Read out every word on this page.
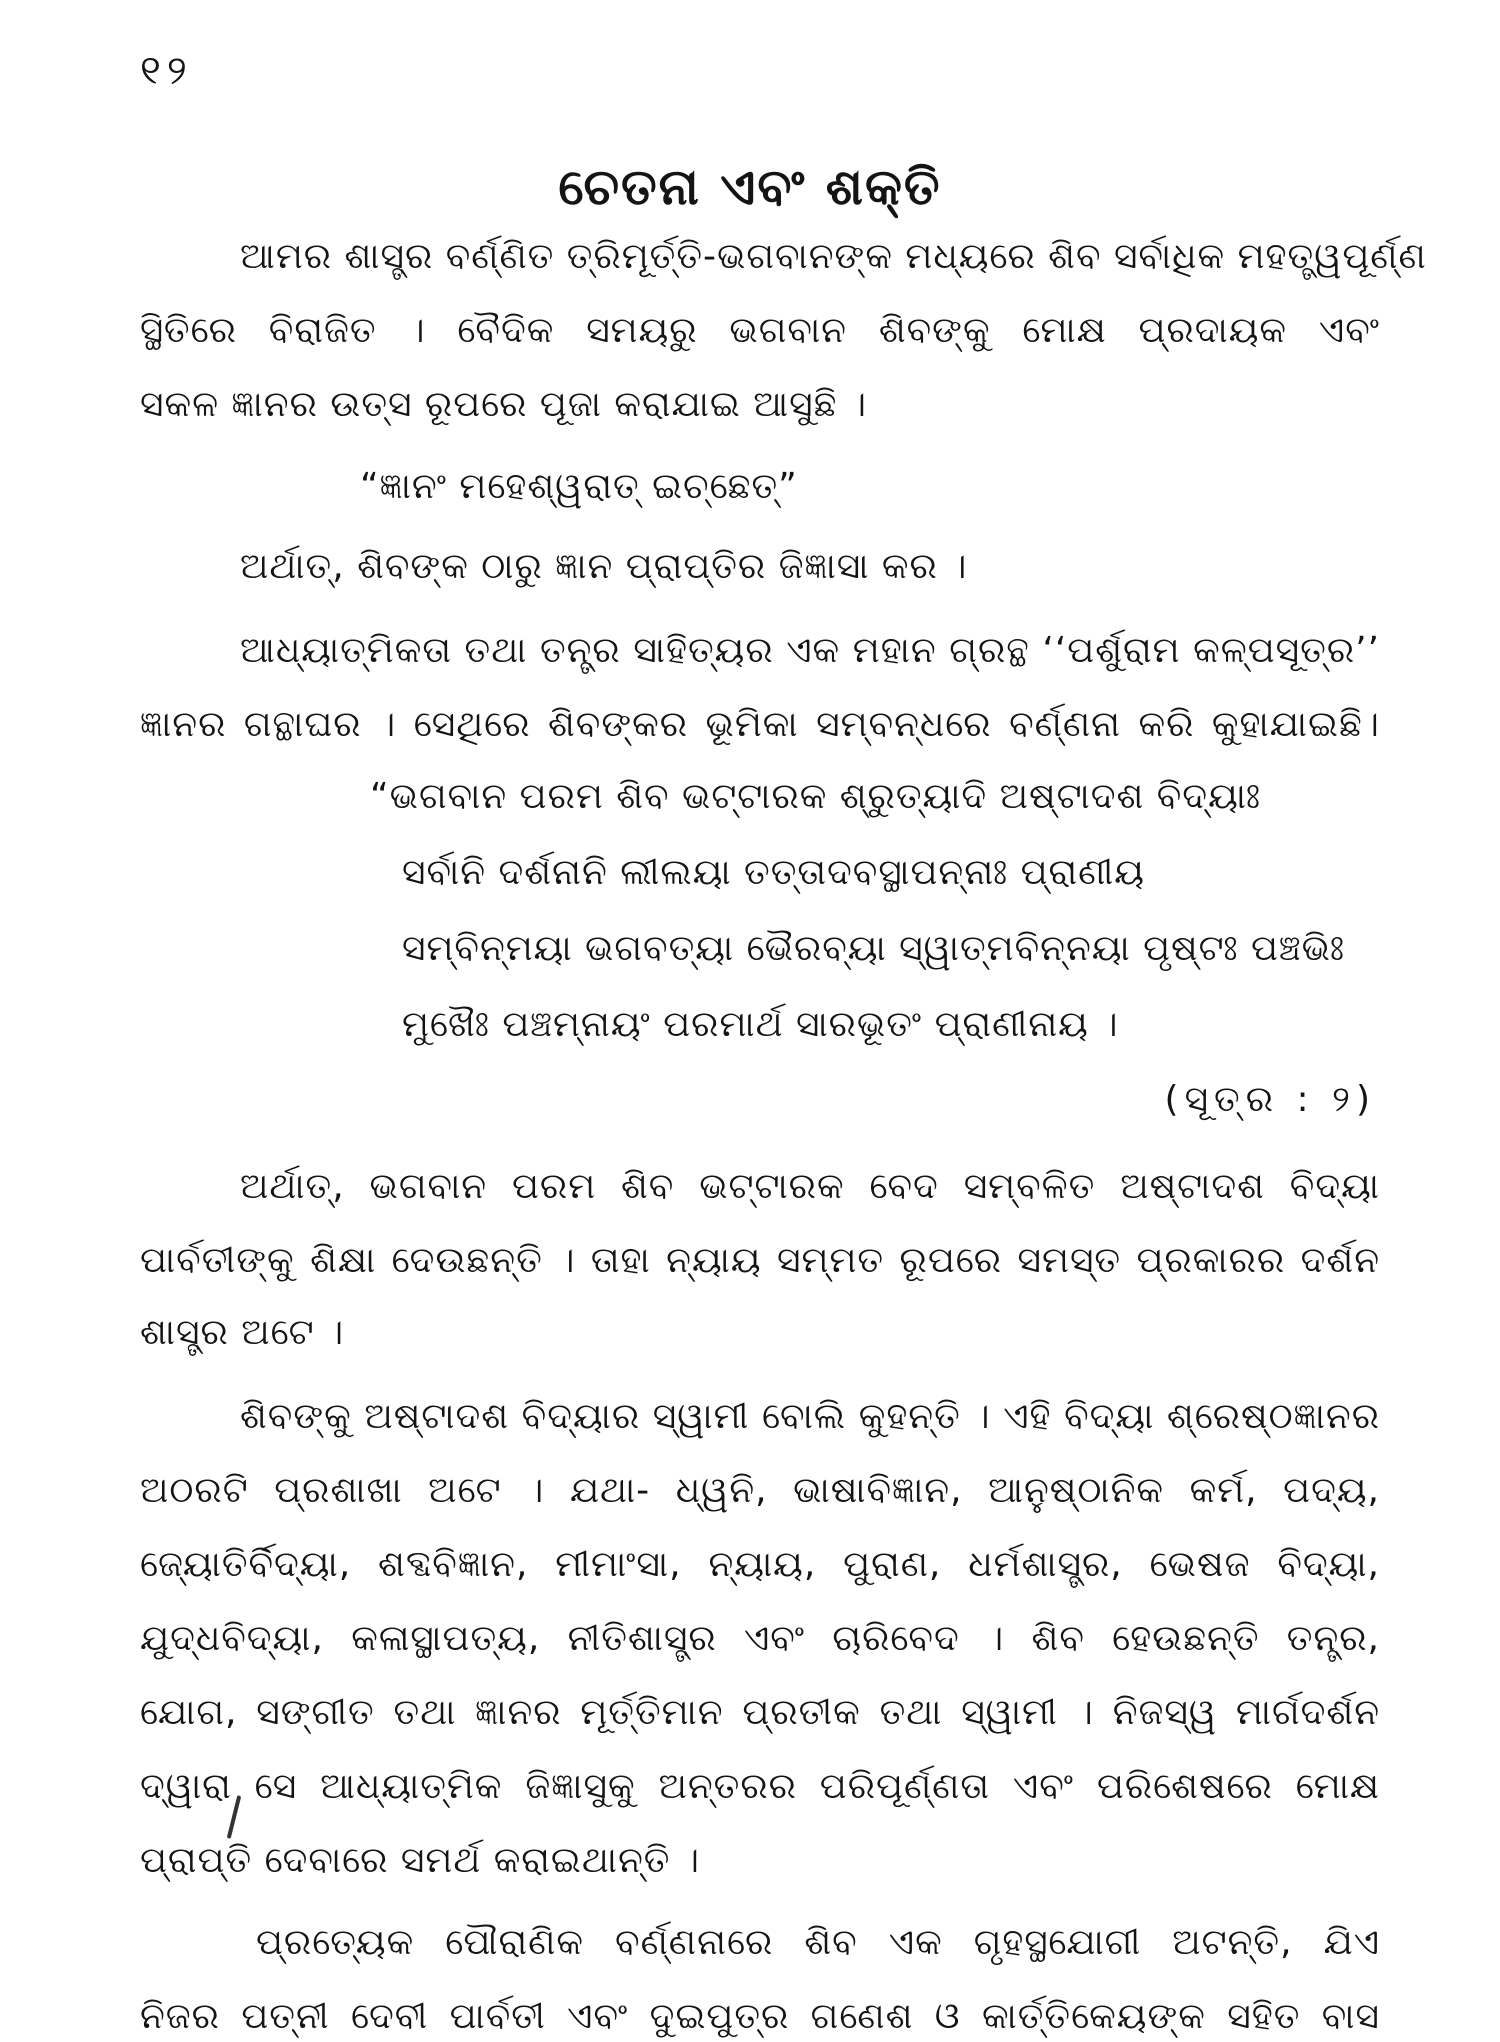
୧୨
ଚେତନା ଏବଂ ଶକ୍ତି
ଆମର ଶାସ୍ତ୍ର ବର୍ଣ୍ଣିତ ତ୍ରିମୂର୍ତ୍ତି-ଭଗବାନଙ୍କ ମଧ୍ୟରେ ଶିବ ସର୍ବାଧିକ ମହତ୍ତ୍ୱପୂର୍ଣ୍ଣ
ସ୍ଥିତିରେ ବିରାଜିତ । ବୈଦିକ ସମୟରୁ ଭଗବାନ ଶିବଙ୍କୁ ମୋକ୍ଷ ପ୍ରଦାୟକ ଏବଂ
ସକଳ ଜ୍ଞାନର ଉତ୍ସ ରୂପରେ ପୂଜା କରାଯାଇ ଆସୁଛି ।
“ଜ୍ଞାନଂ ମହେଶ୍ୱରାତ୍ ଇଚ୍ଛେତ୍”
ଅର୍ଥାତ୍, ଶିବଙ୍କ ଠାରୁ ଜ୍ଞାନ ପ୍ରାପ୍ତିର ଜିଜ୍ଞାସା କର ।
ଆଧ୍ୟାତ୍ମିକତା ତଥା ତନ୍ତ୍ର ସାହିତ୍ୟର ଏକ ମହାନ ଗ୍ରନ୍ଥ ‘‘ପର୍ଶୁରାମ କଳ୍ପସୂତ୍ର’’
ଜ୍ଞାନର ଗନ୍ଥାଘର । ସେଥିରେ ଶିବଙ୍କର ଭୂମିକା ସମ୍ବନ୍ଧରେ ବର୍ଣ୍ଣନା କରି କୁହାଯାଇଛି।
“ଭଗବାନ ପରମ ଶିବ ଭଟ୍ଟାରକ ଶ୍ରୁତ୍ୟାଦି ଅଷ୍ଟାଦଶ ବିଦ୍ୟାଃ
ସର୍ବାନି ଦର୍ଶନାନି ଲୀଲୟା ତତ୍ତାଦବସ୍ଥାପନ୍ନାଃ ପ୍ରାଣୀୟ
ସମ୍ବିନ୍ମୟା ଭଗବତ୍ୟା ଭୈରବ୍ୟା ସ୍ୱାତ୍ମବିନ୍ନୟା ପୃଷ୍ଟଃ ପଞ୍ଚଭିଃ
ମୁଖୈଃ ପଞ୍ଚମ୍ନାୟଂ ପରମାର୍ଥ ସାରଭୂତଂ ପ୍ରାଣୀନାୟ ।
(ସୂତ୍ର : ୨)
ଅର୍ଥାତ୍, ଭଗବାନ ପରମ ଶିବ ଭଟ୍ଟାରକ ବେଦ ସମ୍ବଳିତ ଅଷ୍ଟାଦଶ ବିଦ୍ୟା
ପାର୍ବତୀଙ୍କୁ ଶିକ୍ଷା ଦେଉଛନ୍ତି । ତାହା ନ୍ୟାୟ ସମ୍ମତ ରୂପରେ ସମସ୍ତ ପ୍ରକାରର ଦର୍ଶନ
ଶାସ୍ତ୍ର ଅଟେ ।
ଶିବଙ୍କୁ ଅଷ୍ଟାଦଶ ବିଦ୍ୟାର ସ୍ୱାମୀ ବୋଲି କୁହନ୍ତି । ଏହି ବିଦ୍ୟା ଶ୍ରେଷ୍ଠଜ୍ଞାନର
ଅଠରଟି ପ୍ରଶାଖା ଅଟେ । ଯଥା- ଧ୍ୱନି, ଭାଷାବିଜ୍ଞାନ, ଆନୁଷ୍ଠାନିକ କର୍ମ, ପଦ୍ୟ,
ଜ୍ୟୋତିର୍ବିଦ୍ୟା, ଶବ୍ଦବିଜ୍ଞାନ, ମୀମାଂସା, ନ୍ୟାୟ, ପୁରାଣ, ଧର୍ମଶାସ୍ତ୍ର, ଭେଷଜ ବିଦ୍ୟା,
ଯୁଦ୍ଧବିଦ୍ୟା, କଳାସ୍ଥାପତ୍ୟ, ନୀତିଶାସ୍ତ୍ର ଏବଂ ଚାରିବେଦ । ଶିବ ହେଉଛନ୍ତି ତନ୍ତ୍ର,
ଯୋଗ, ସଙ୍ଗୀତ ତଥା ଜ୍ଞାନର ମୂର୍ତ୍ତିମାନ ପ୍ରତୀକ ତଥା ସ୍ୱାମୀ । ନିଜସ୍ୱ ମାର୍ଗଦର୍ଶନ
ଦ୍ୱାରା ସେ ଆଧ୍ୟାତ୍ମିକ ଜିଜ୍ଞାସୁକୁ ଅନ୍ତରର ପରିପୂର୍ଣ୍ଣତା ଏବଂ ପରିଶେଷରେ ମୋକ୍ଷ
ପ୍ରାପ୍ତି ଦେବାରେ ସମର୍ଥ କରାଇଥାନ୍ତି ।
ପ୍ରତ୍ୟେକ ପୌରାଣିକ ବର୍ଣ୍ଣନାରେ ଶିବ ଏକ ଗୃହସ୍ଥଯୋଗୀ ଅଟନ୍ତି, ଯିଏ
ନିଜର ପତ୍ନୀ ଦେବୀ ପାର୍ବତୀ ଏବଂ ଦୁଇପୁତ୍ର ଗଣେଶ ଓ କାର୍ତ୍ତିକେୟଙ୍କ ସହିତ ବାସ
